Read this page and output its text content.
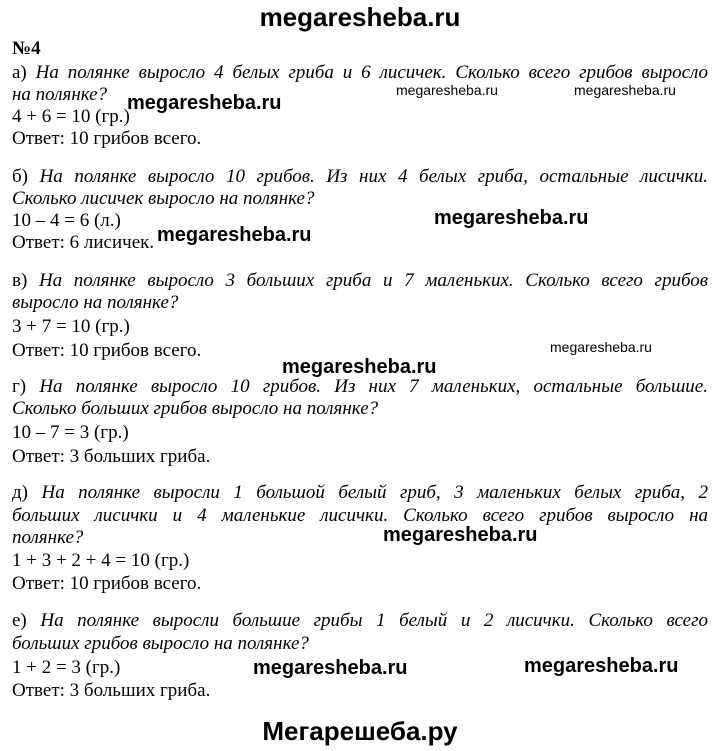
megaresheba.ru
№4
а) На полянке выросло 4 белых гриба и 6 лисичек. Сколько всего грибов выросло
на полянке?
4 + 6 = 10 (гр.)
Ответ: 10 грибов всего.
б) На полянке выросло 10 грибов. Из них 4 белых гриба, остальные лисички.
Сколько лисичек выросло на полянке?
10 – 4 = 6 (л.)
Ответ: 6 лисичек.
в) На полянке выросло 3 больших гриба и 7 маленьких. Сколько всего грибов
выросло на полянке?
3 + 7 = 10 (гр.)
Ответ: 10 грибов всего.
г) На полянке выросло 10 грибов. Из них 7 маленьких, остальные большие.
Сколько больших грибов выросло на полянке?
10 – 7 = 3 (гр.)
Ответ: 3 больших гриба.
д) На полянке выросли 1 большой белый гриб, 3 маленьких белых гриба, 2
больших лисички и 4 маленькие лисички. Сколько всего грибов выросло на
полянке?
1 + 3 + 2 + 4 = 10 (гр.)
Ответ: 10 грибов всего.
е) На полянке выросли большие грибы 1 белый и 2 лисички. Сколько всего
больших грибов выросло на полянке?
1 + 2 = 3 (гр.)
Ответ: 3 больших гриба.
megaresheba.ru
megaresheba.ru	megaresheba.ru
megaresheba.ru
megaresheba.ru
megaresheba.ru
megaresheba.ru
megaresheba.ru
megaresheba.ru	megaresheba.ru
Мегарешеба.ру
